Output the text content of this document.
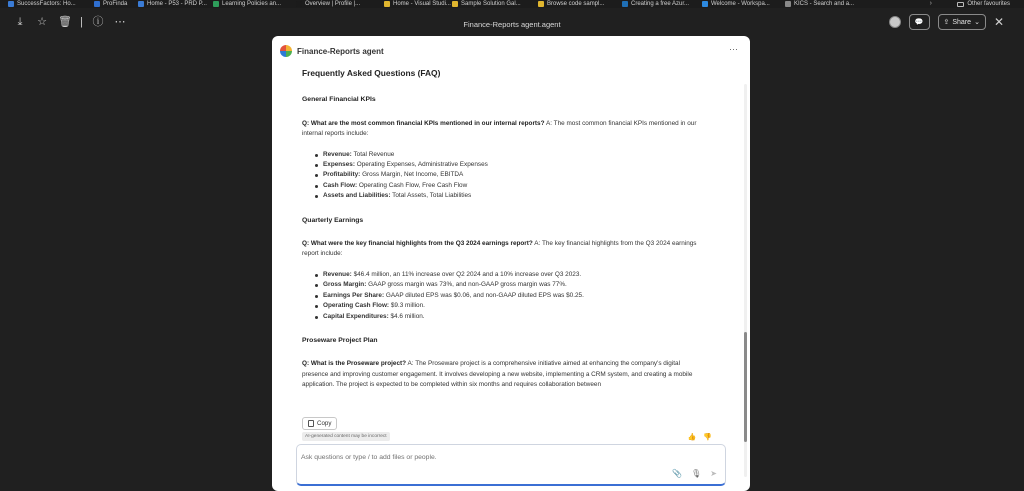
›	Other favourites
SuccessFactors: Ho...	ProFinda	Home - P53 - PRD P...	Learning Policies an...	Overview | Profile |...	Home - Visual Studi... Sample Solution Gal...	Browse code sampl...	Creating a free Azur...	Welcome - Workspa...	KICS - Search and a...
⤓	☆ 🗑 | ⓘ ⋯	Finance-Reports agent.agent	💬	⇪ Share ⌄ ✕
Finance-Reports agent	⋯
Frequently Asked Questions (FAQ)
General Financial KPIs
Q: What are the most common financial KPIs mentioned in our internal reports? A: The most common financial KPIs mentioned in our internal reports include:
Revenue: Total Revenue
Expenses: Operating Expenses, Administrative Expenses
Profitability: Gross Margin, Net Income, EBITDA
Cash Flow: Operating Cash Flow, Free Cash Flow
Assets and Liabilities: Total Assets, Total Liabilities
Quarterly Earnings
Q: What were the key financial highlights from the Q3 2024 earnings report? A: The key financial highlights from the Q3 2024 earnings report include:
Revenue: $46.4 million, an 11% increase over Q2 2024 and a 10% increase over Q3 2023.
Gross Margin: GAAP gross margin was 73%, and non-GAAP gross margin was 77%.
Earnings Per Share: GAAP diluted EPS was $0.06, and non-GAAP diluted EPS was $0.25.
Operating Cash Flow: $9.3 million.
Capital Expenditures: $4.6 million.
Proseware Project Plan
Q: What is the Proseware project? A: The Proseware project is a comprehensive initiative aimed at enhancing the company's digital presence and improving customer engagement. It involves developing a new website, implementing a CRM system, and creating a mobile application. The project is expected to be completed within six months and requires collaboration between
Copy
AI-generated content may be incorrect	👍 👎
Ask questions or type / to add files or people.
📎 🎙 ➤
